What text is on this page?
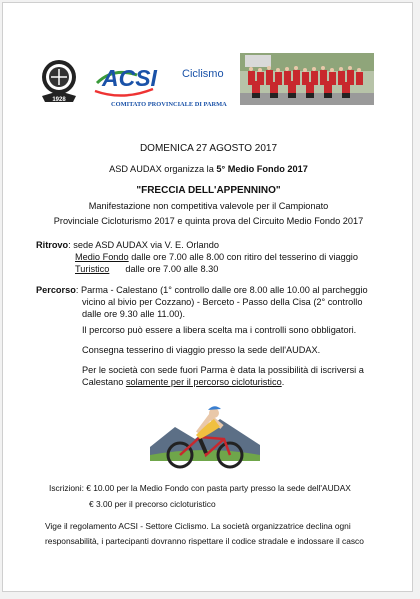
1928
ACSI Ciclismo
COMITATO PROVINCIALE DI PARMA
DOMENICA 27 AGOSTO 2017
ASD AUDAX organizza la 5° Medio Fondo 2017
"FRECCIA DELL'APPENNINO"
Manifestazione non competitiva valevole per il Campionato
Provinciale Cicloturismo 2017 e quinta prova del Circuito Medio Fondo 2017
Ritrovo: sede ASD AUDAX via V. E. Orlando
Medio Fondo dalle ore 7.00 alle 8.00 con ritiro del tesserino di viaggio
Turistico dalle ore 7.00 alle 8.30
Percorso: Parma - Calestano (1° controllo dalle ore 8.00 alle 10.00 al parcheggio
vicino al bivio per Cozzano) - Berceto - Passo della Cisa (2° controllo
dalle ore 9.30 alle 11.00).
Il percorso può essere a libera scelta ma i controlli sono obbligatori.
Consegna tesserino di viaggio presso la sede dell'AUDAX.
Per le società con sede fuori Parma è data la possibilità di iscriversi a
Calestano solamente per il percorso cicloturistico.
Iscrizioni: € 10.00 per la Medio Fondo con pasta party presso la sede dell'AUDAX
€ 3.00 per il precorso cicloturistico
Vige il regolamento ACSI - Settore Ciclismo. La società organizzatrice declina ogni
responsabilità, i partecipanti dovranno rispettare il codice stradale e indossare il casco
